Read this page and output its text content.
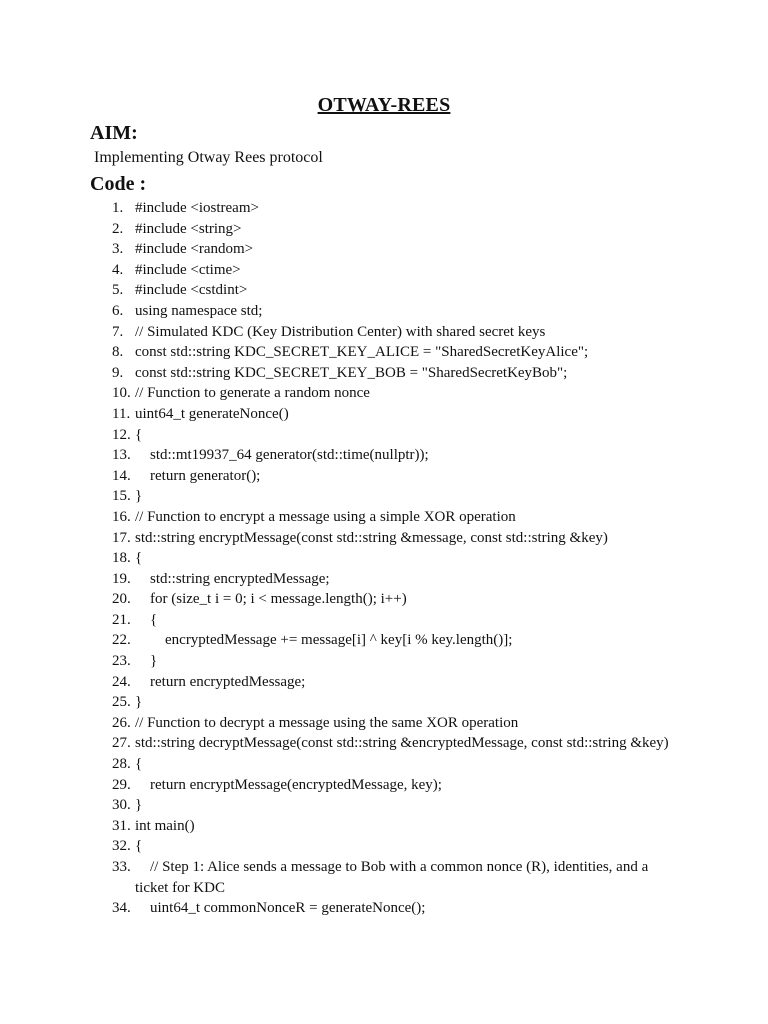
OTWAY-REES
AIM:
Implementing Otway Rees protocol
Code :
1. #include <iostream>
2. #include <string>
3. #include <random>
4. #include <ctime>
5. #include <cstdint>
6. using namespace std;
7. // Simulated KDC (Key Distribution Center) with shared secret keys
8. const std::string KDC_SECRET_KEY_ALICE = "SharedSecretKeyAlice";
9. const std::string KDC_SECRET_KEY_BOB = "SharedSecretKeyBob";
10. // Function to generate a random nonce
11. uint64_t generateNonce()
12. {
13. std::mt19937_64 generator(std::time(nullptr));
14. return generator();
15. }
16. // Function to encrypt a message using a simple XOR operation
17. std::string encryptMessage(const std::string &message, const std::string &key)
18. {
19. std::string encryptedMessage;
20. for (size_t i = 0; i < message.length(); i++)
21. {
22. encryptedMessage += message[i] ^ key[i % key.length()];
23. }
24. return encryptedMessage;
25. }
26. // Function to decrypt a message using the same XOR operation
27. std::string decryptMessage(const std::string &encryptedMessage, const std::string &key)
28. {
29. return encryptMessage(encryptedMessage, key);
30. }
31. int main()
32. {
33. // Step 1: Alice sends a message to Bob with a common nonce (R), identities, and a
ticket for KDC
34. uint64_t commonNonceR = generateNonce();
